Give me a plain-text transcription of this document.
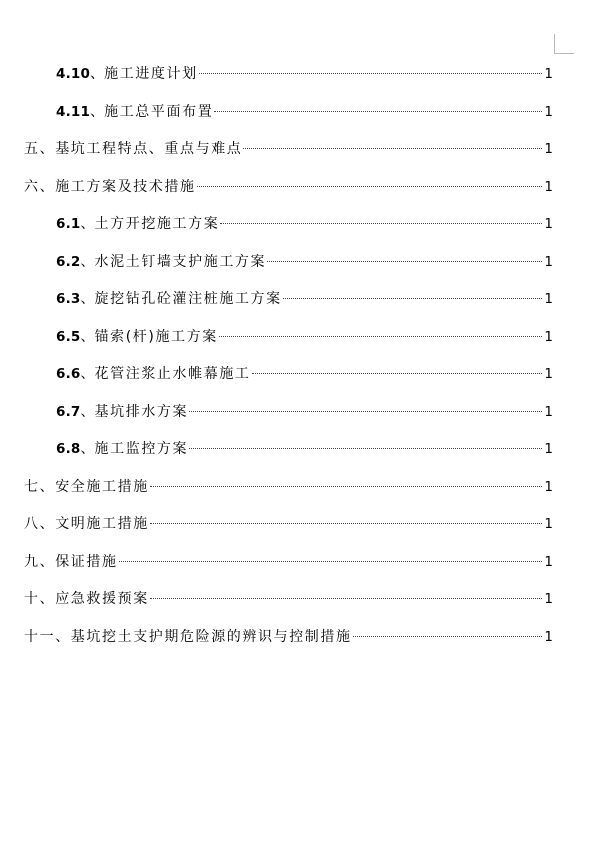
4.10 、 施工进度计划	1
4.11 、 施工总平面布置	1
五、基坑工程特点、重点与难点	1
六、施工方案及技术措施	1
6.1 、 土方开挖施工方案	1
6.2 、 水泥土钉墙支护施工方案	1
6.3 、 旋挖钻孔砼灌注桩施工方案	1
6.5 、 锚索(杆)施工方案	1
6.6 、 花管注浆止水帷幕施工	1
6.7 、 基坑排水方案	1
6.8 、 施工监控方案	1
七、安全施工措施	1
八、文明施工措施	1
九、保证措施	1
十、应急救援预案	1
十一、基坑挖土支护期危险源的辨识与控制措施	1
